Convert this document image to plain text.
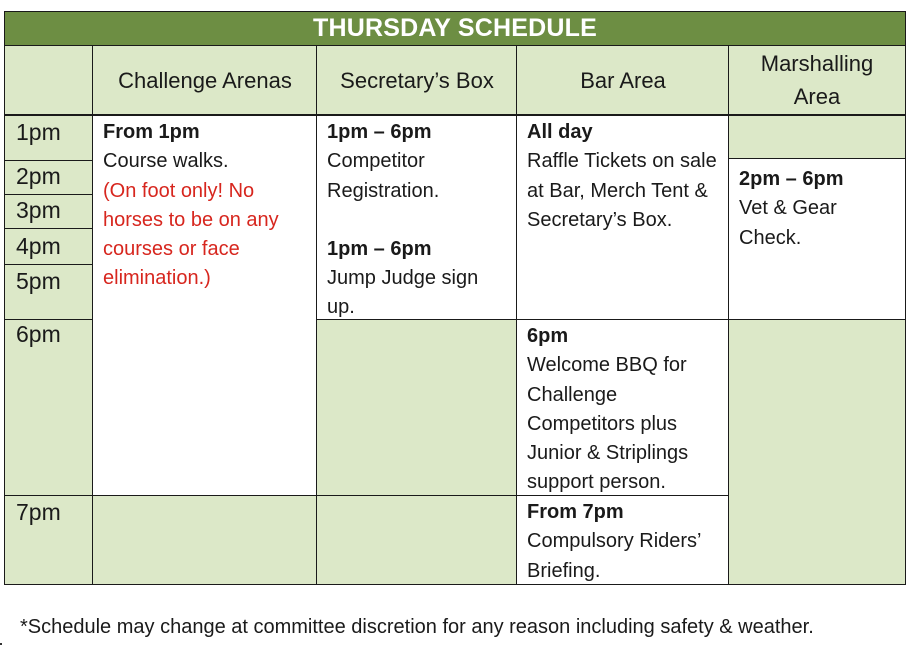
THURSDAY SCHEDULE
Challenge Arenas	Secretary’s Box	Bar Area
Marshalling Area
1pm
2pm
3pm
4pm
5pm
6pm
7pm
From 1pm
Course walks.
(On foot only! No horses to be on any courses or face elimination.)
1pm – 6pm
Competitor Registration.

1pm – 6pm
Jump Judge sign up.
All day
Raffle Tickets on sale at Bar, Merch Tent & Secretary’s Box.
6pm
Welcome BBQ for Challenge Competitors plus Junior & Striplings support person.
From 7pm
Compulsory Riders’ Briefing.
2pm – 6pm
Vet & Gear Check.
*Schedule may change at committee discretion for any reason including safety & weather.
